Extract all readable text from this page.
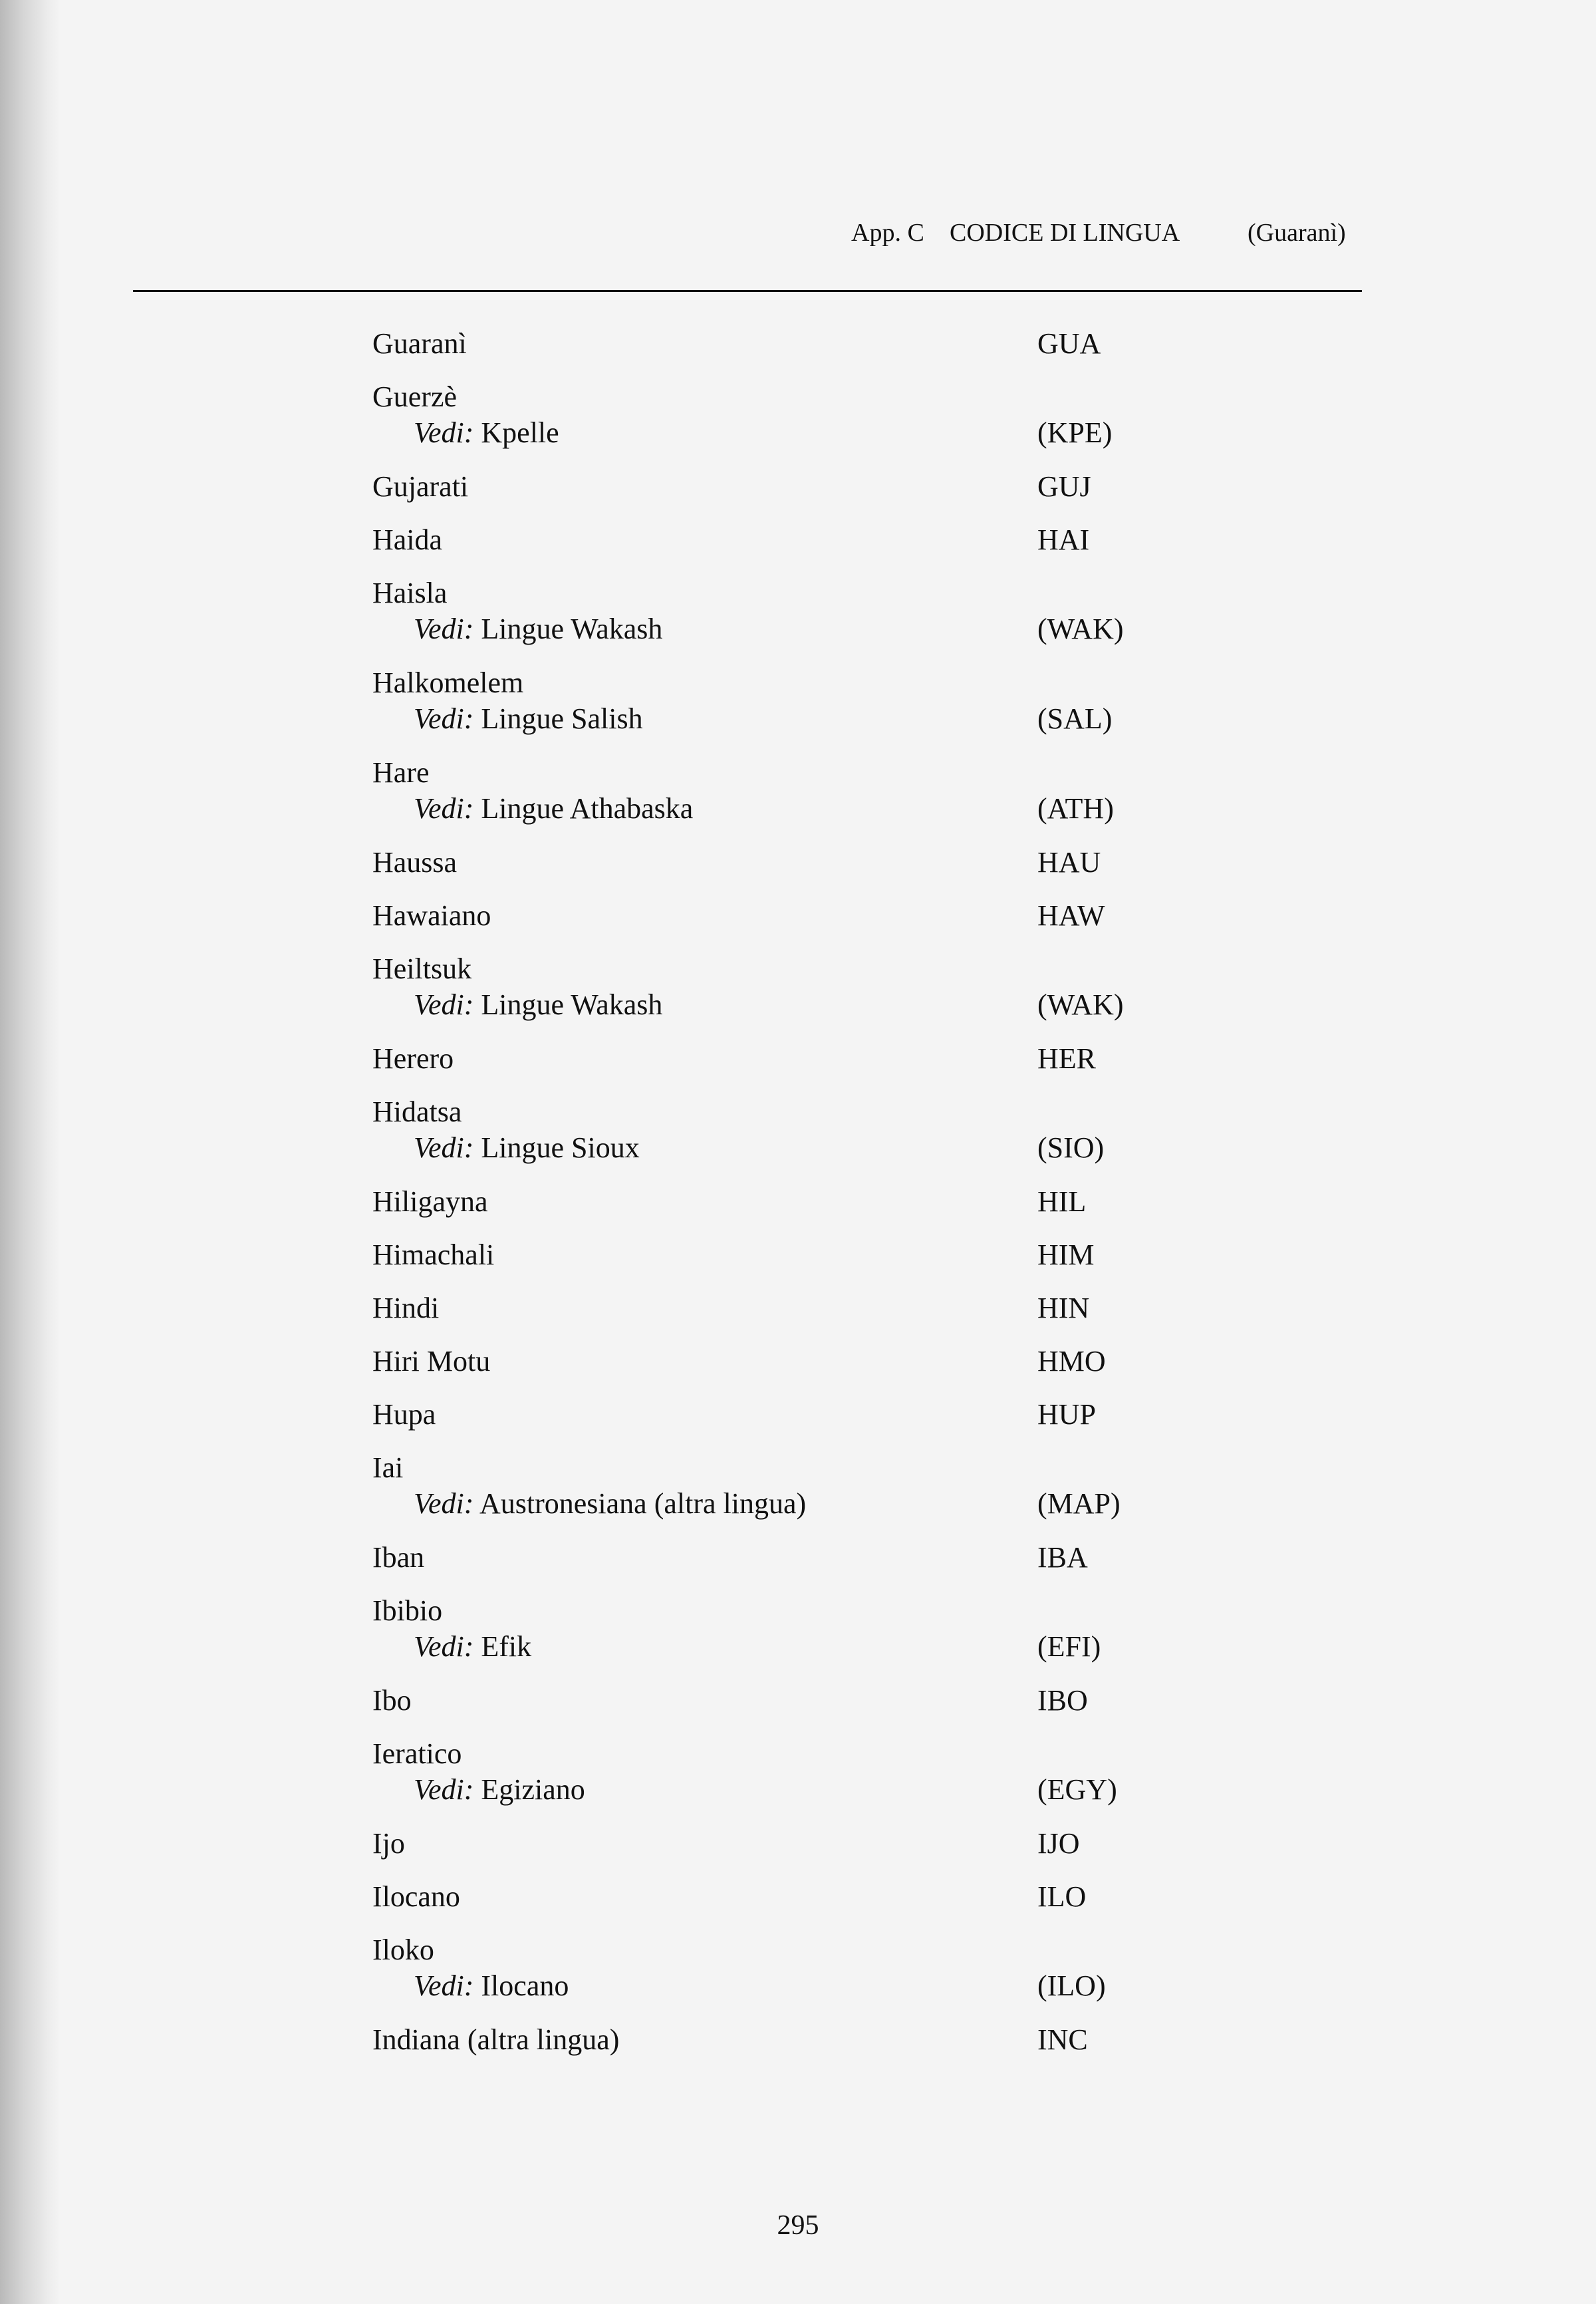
App. C CODICE DI LINGUA	(Guaranì)
Guaranì	GUA
Guerzè
Vedi: Kpelle	(KPE)
Gujarati	GUJ
Haida	HAI
Haisla
Vedi: Lingue Wakash	(WAK)
Halkomelem
Vedi: Lingue Salish	(SAL)
Hare
Vedi: Lingue Athabaska	(ATH)
Haussa	HAU
Hawaiano	HAW
Heiltsuk
Vedi: Lingue Wakash	(WAK)
Herero	HER
Hidatsa
Vedi: Lingue Sioux	(SIO)
Hiligayna	HIL
Himachali	HIM
Hindi	HIN
Hiri Motu	HMO
Hupa	HUP
Iai
Vedi: Austronesiana (altra lingua)	(MAP)
Iban	IBA
Ibibio
Vedi: Efik	(EFI)
Ibo	IBO
Ieratico
Vedi: Egiziano	(EGY)
Ijo	IJO
Ilocano	ILO
Iloko
Vedi: Ilocano	(ILO)
Indiana (altra lingua)	INC
295
